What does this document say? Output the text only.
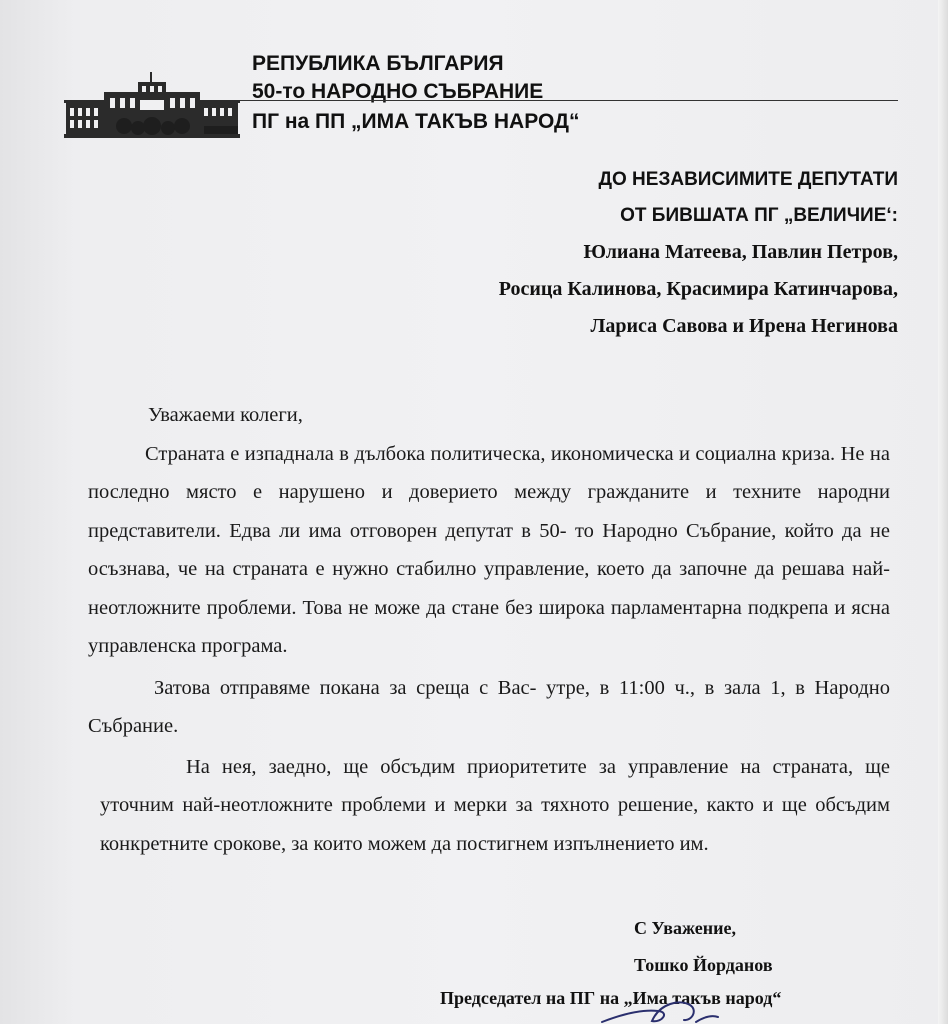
РЕПУБЛИКА БЪЛГАРИЯ
50-то НАРОДНО СЪБРАНИЕ
ПГ на ПП „ИМА ТАКЪВ НАРОД“
ДО НЕЗАВИСИМИТЕ ДЕПУТАТИ
ОТ БИВШАТА ПГ „ВЕЛИЧИЕ‘:
Юлиана Матеева, Павлин Петров,
Росица Калинова, Красимира Катинчарова,
Лариса Савова и Ирена Негинова
Уважаеми колеги,

Страната е изпаднала в дълбока политическа, икономическа и социална криза. Не на последно място е нарушено и доверието между гражданите и техните народни представители. Едва ли има отговорен депутат в 50- то Народно Събрание, който да не осъзнава, че на страната е нужно стабилно управление, което да започне да решава най-неотложните проблеми. Това не може да стане без широка парламентарна подкрепа и ясна управленска програма.

Затова отправяме покана за среща с Вас- утре, в 11:00 ч., в зала 1, в Народно Събрание.

На нея, заедно, ще обсъдим приоритетите за управление на страната, ще уточним най-неотложните проблеми и мерки за тяхното решение, както и ще обсъдим конкретните срокове, за които можем да постигнем изпълнението им.

С Уважение,
Тошко Йорданов
Председател на ПГ на „Има такъв народ“
